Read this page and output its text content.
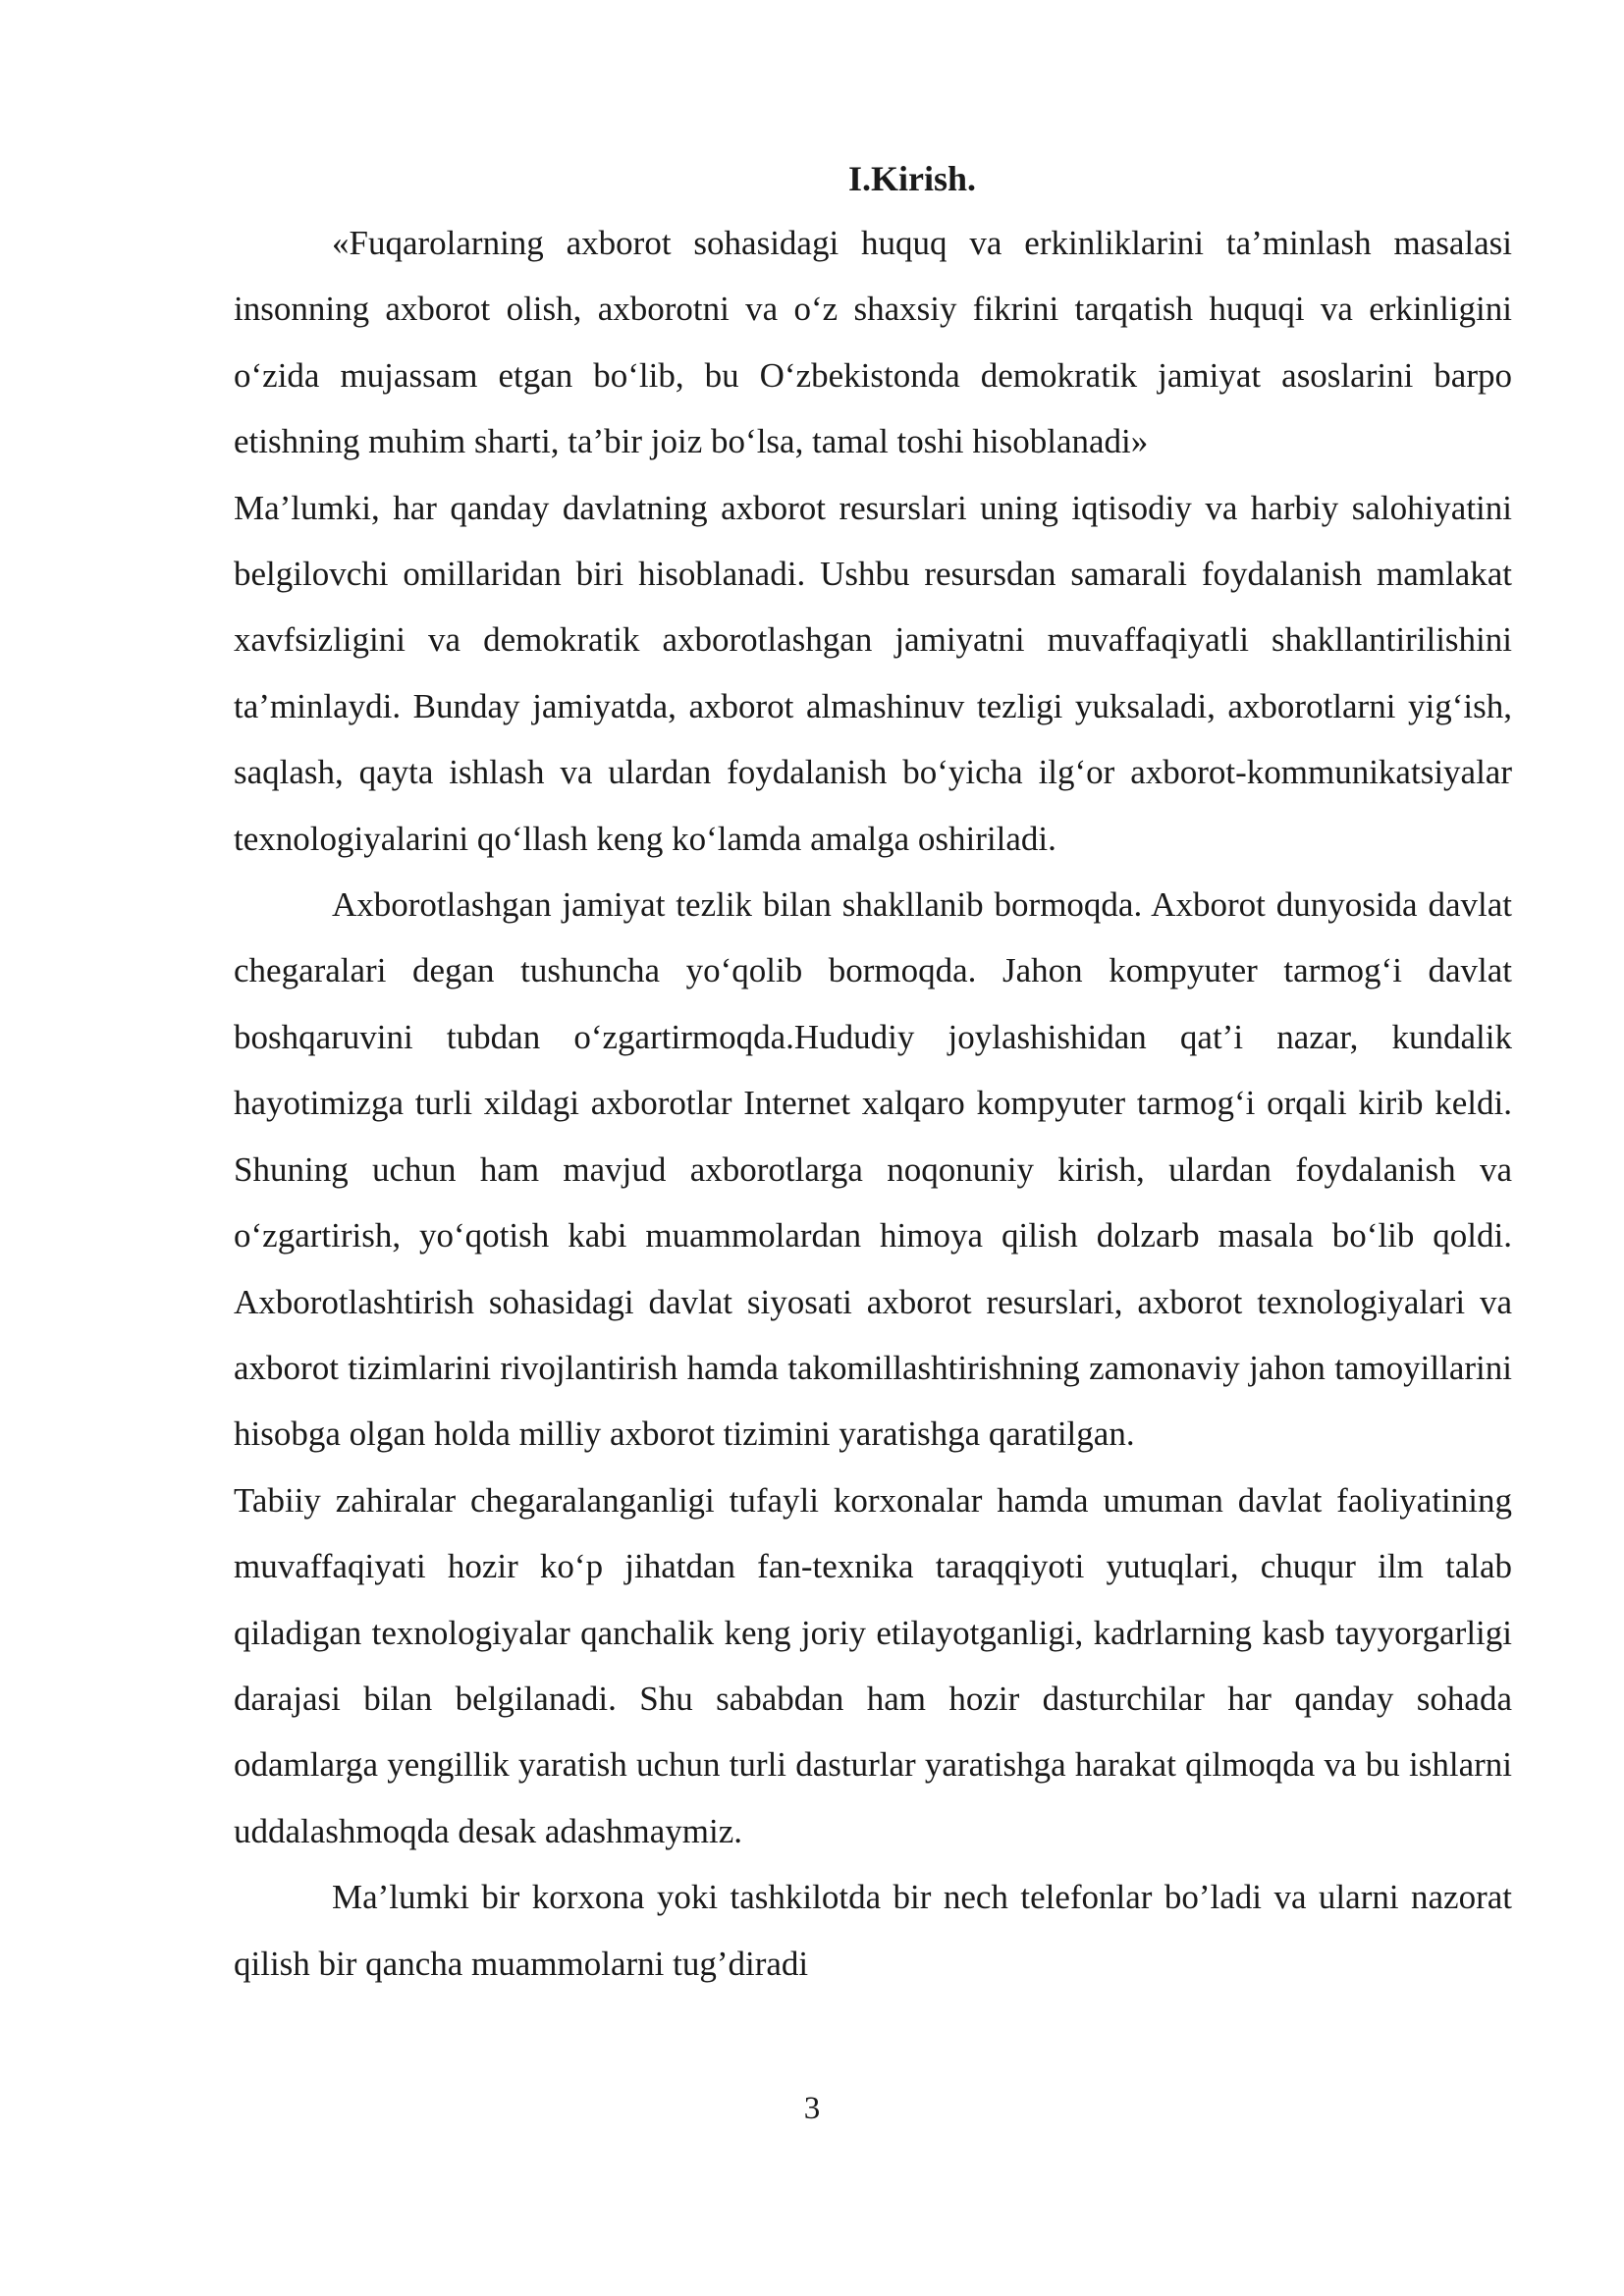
I.Kirish.

«Fuqarolarning axborot sohasidagi huquq va erkinliklarini ta’minlash masalasi insonning axborot olish, axborotni va o‘z shaxsiy fikrini tarqatish huquqi va erkinligini o‘zida mujassam etgan bo‘lib, bu O‘zbekistonda demokratik jamiyat asoslarini barpo etishning muhim sharti, ta’bir joiz bo‘lsa, tamal toshi hisoblanadi»

Ma’lumki, har qanday davlatning axborot resurslari uning iqtisodiy va harbiy salohiyatini belgilovchi omillaridan biri hisoblanadi. Ushbu resursdan samarali foydalanish mamlakat xavfsizligini va demokratik axborotlashgan jamiyatni muvaffaqiyatli shakllantirilishini ta’minlaydi. Bunday jamiyatda, axborot almashinuv tezligi yuksaladi, axborotlarni yig‘ish, saqlash, qayta ishlash va ulardan foydalanish bo‘yicha ilg‘or axborot-kommunikatsiyalar texnologiyalarini qo‘llash keng ko‘lamda amalga oshiriladi.

Axborotlashgan jamiyat tezlik bilan shakllanib bormoqda. Axborot dunyosida davlat chegaralari degan tushuncha yo‘qolib bormoqda. Jahon kompyuter tarmog‘i davlat boshqaruvini tubdan o‘zgartirmoqda.Hududiy joylashishidan qat’i nazar, kundalik hayotimizga turli xildagi axborotlar Internet xalqaro kompyuter tarmog‘i orqali kirib keldi. Shuning uchun ham mavjud axborotlarga noqonuniy kirish, ulardan foydalanish va o‘zgartirish, yo‘qotish kabi muammolardan himoya qilish dolzarb masala bo‘lib qoldi. Axborotlashtirish sohasidagi davlat siyosati axborot resurslari, axborot texnologiyalari va axborot tizimlarini rivojlantirish hamda takomillashtirishning zamonaviy jahon tamoyillarini hisobga olgan holda milliy axborot tizimini yaratishga qaratilgan.

Tabiiy zahiralar chegaralanganligi tufayli korxonalar hamda umuman davlat faoliyatining muvaffaqiyati hozir ko‘p jihatdan fan-texnika taraqqiyoti yutuqlari, chuqur ilm talab qiladigan texnologiyalar qanchalik keng joriy etilayotganligi, kadrlarning kasb tayyorgarligi darajasi bilan belgilanadi. Shu sababdan ham hozir dasturchilar har qanday sohada odamlarga yengillik yaratish uchun turli dasturlar yaratishga harakat qilmoqda va bu ishlarni uddalashmoqda desak adashmaymiz.

Ma’lumki bir korxona yoki tashkilotda bir nech telefonlar bo’ladi va ularni nazorat qilish bir qancha muammolarni tug’diradi

3
